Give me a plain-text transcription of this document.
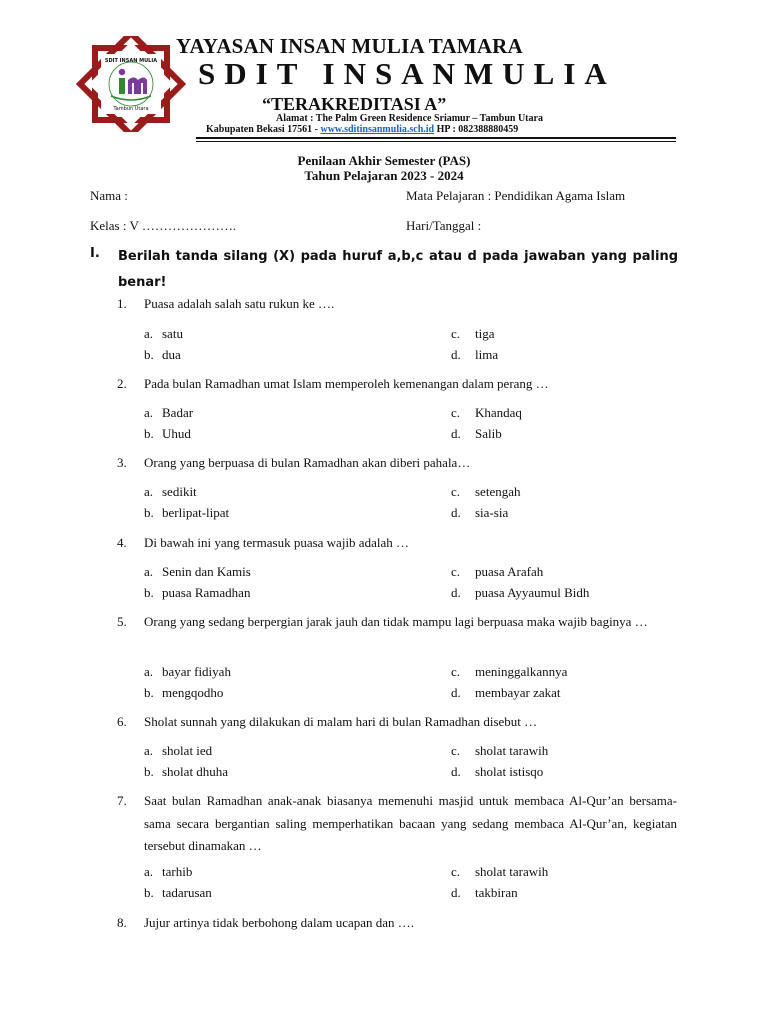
SDIT INSAN MULIA
Tambun Utara
YAYASAN INSAN MULIA TAMARA
SDIT INSANMULIA
“TERAKREDITASI A”
Alamat : The Palm Green Residence Sriamur – Tambun Utara
Kabupaten Bekasi 17561 - www.sditinsanmulia.sch.id HP : 082388880459
Penilaan Akhir Semester (PAS)
Tahun Pelajaran 2023 - 2024
Nama :	Mata Pelajaran : Pendidikan Agama Islam
Kelas : V ………………….	Hari/Tanggal :
I. Berilah tanda silang (X) pada huruf a,b,c atau d pada jawaban yang paling benar!
1. Puasa adalah salah satu rukun ke ….
a. satu
b. dua
c. tiga
d. lima
2. Pada bulan Ramadhan umat Islam memperoleh kemenangan dalam perang …
a. Badar
b. Uhud
c. Khandaq
d. Salib
3. Orang yang berpuasa di bulan Ramadhan akan diberi pahala…
a. sedikit
b. berlipat-lipat
c. setengah
d. sia-sia
4. Di bawah ini yang termasuk puasa wajib adalah …
a. Senin dan Kamis
b. puasa Ramadhan
c. puasa Arafah
d. puasa Ayyaumul Bidh
5. Orang yang sedang berpergian jarak jauh dan tidak mampu lagi berpuasa maka wajib baginya …
a. bayar fidiyah
b. mengqodho
c. meninggalkannya
d. membayar zakat
6. Sholat sunnah yang dilakukan di malam hari di bulan Ramadhan disebut …
a. sholat ied
b. sholat dhuha
c. sholat tarawih
d. sholat istisqo
7. Saat bulan Ramadhan anak-anak biasanya memenuhi masjid untuk membaca Al-Qur’an bersama-sama secara bergantian saling memperhatikan bacaan yang sedang membaca Al-Qur’an, kegiatan tersebut dinamakan …
a. tarhib
b. tadarusan
c. sholat tarawih
d. takbiran
8. Jujur artinya tidak berbohong dalam ucapan dan ….
